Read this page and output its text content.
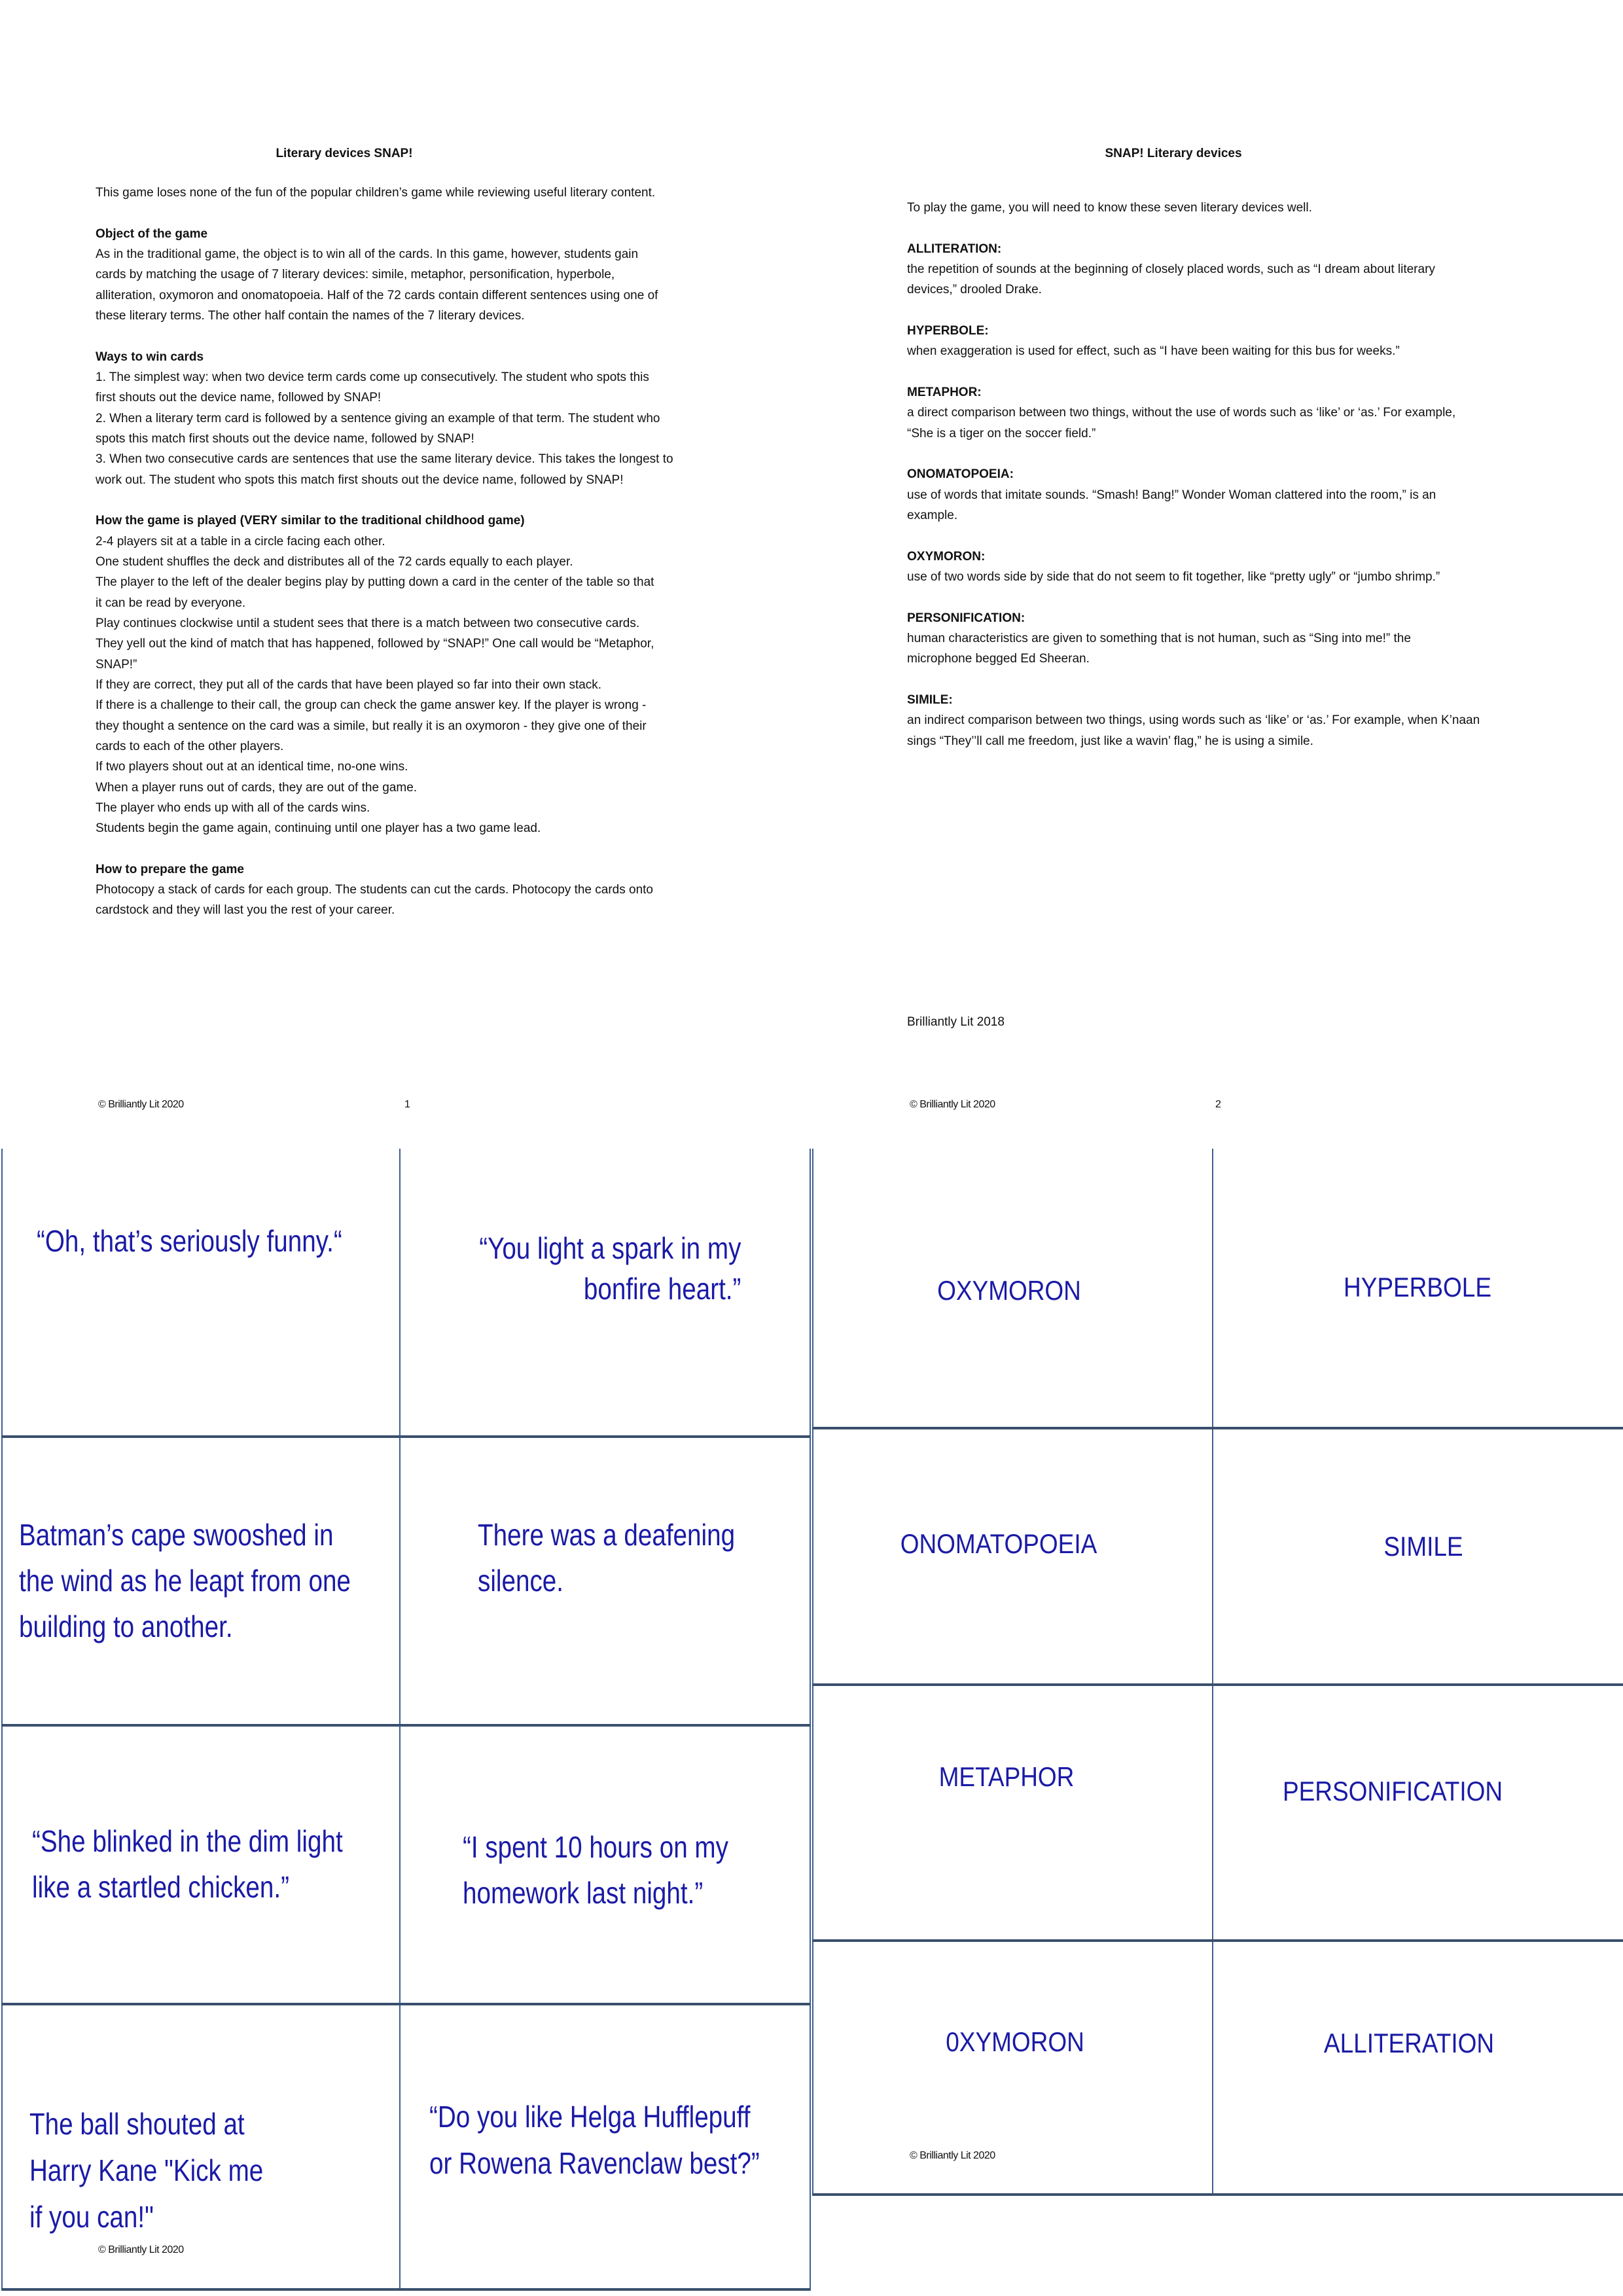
Literary devices SNAP!
This game loses none of the fun of the popular children’s game while reviewing useful literary content.
Object of the game
As in the traditional game, the object is to win all of the cards. In this game, however, students gain
cards by matching the usage of 7 literary devices: simile, metaphor, personification, hyperbole,
alliteration, oxymoron and onomatopoeia. Half of the 72 cards contain different sentences using one of
these literary terms. The other half contain the names of the 7 literary devices.
Ways to win cards
1. The simplest way: when two device term cards come up consecutively. The student who spots this
first shouts out the device name, followed by SNAP!
2. When a literary term card is followed by a sentence giving an example of that term. The student who
spots this match first shouts out the device name, followed by SNAP!
3. When two consecutive cards are sentences that use the same literary device. This takes the longest to
work out. The student who spots this match first shouts out the device name, followed by SNAP!
How the game is played (VERY similar to the traditional childhood game)
2-4 players sit at a table in a circle facing each other.
One student shuffles the deck and distributes all of the 72 cards equally to each player.
The player to the left of the dealer begins play by putting down a card in the center of the table so that
it can be read by everyone.
Play continues clockwise until a student sees that there is a match between two consecutive cards.
They yell out the kind of match that has happened, followed by “SNAP!” One call would be “Metaphor,
SNAP!”
If they are correct, they put all of the cards that have been played so far into their own stack.
If there is a challenge to their call, the group can check the game answer key. If the player is wrong -
they thought a sentence on the card was a simile, but really it is an oxymoron - they give one of their
cards to each of the other players.
If two players shout out at an identical time, no-one wins.
When a player runs out of cards, they are out of the game.
The player who ends up with all of the cards wins.
Students begin the game again, continuing until one player has a two game lead.
How to prepare the game
Photocopy a stack of cards for each group. The students can cut the cards. Photocopy the cards onto
cardstock and they will last you the rest of your career.
© Brilliantly Lit 2020	1
SNAP! Literary devices
To play the game, you will need to know these seven literary devices well.
ALLITERATION:
the repetition of sounds at the beginning of closely placed words, such as “I dream about literary
devices,” drooled Drake.
HYPERBOLE:
when exaggeration is used for effect, such as “I have been waiting for this bus for weeks.”
METAPHOR:
a direct comparison between two things, without the use of words such as ‘like’ or ‘as.’ For example,
“She is a tiger on the soccer field.”
ONOMATOPOEIA:
use of words that imitate sounds. “Smash! Bang!” Wonder Woman clattered into the room,” is an
example.
OXYMORON:
use of two words side by side that do not seem to fit together, like “pretty ugly” or “jumbo shrimp.”
PERSONIFICATION:
human characteristics are given to something that is not human, such as “Sing into me!” the
microphone begged Ed Sheeran.
SIMILE:
an indirect comparison between two things, using words such as ‘like’ or ‘as.’ For example, when K’naan
sings “They’’ll call me freedom, just like a wavin’ flag,” he is using a simile.
Brilliantly Lit 2018
© Brilliantly Lit 2020	2
“Oh, that’s seriously funny.“	“You light a spark in my
bonfire heart.”
Batman’s cape swooshed in
the wind as he leapt from one
building to another.
There was a deafening
silence.
“She blinked in the dim light
like a startled chicken.”
“I spent 10 hours on my
homework last night.”
The ball shouted at
Harry Kane "Kick me
if you can!"
“Do you like Helga Hufflepuff
or Rowena Ravenclaw best?”
OXYMORON	HYPERBOLE
ONOMATOPOEIA	SIMILE
METAPHOR	PERSONIFICATION
0XYMORON	ALLITERATION
© Brilliantly Lit 2020
© Brilliantly Lit 2020
